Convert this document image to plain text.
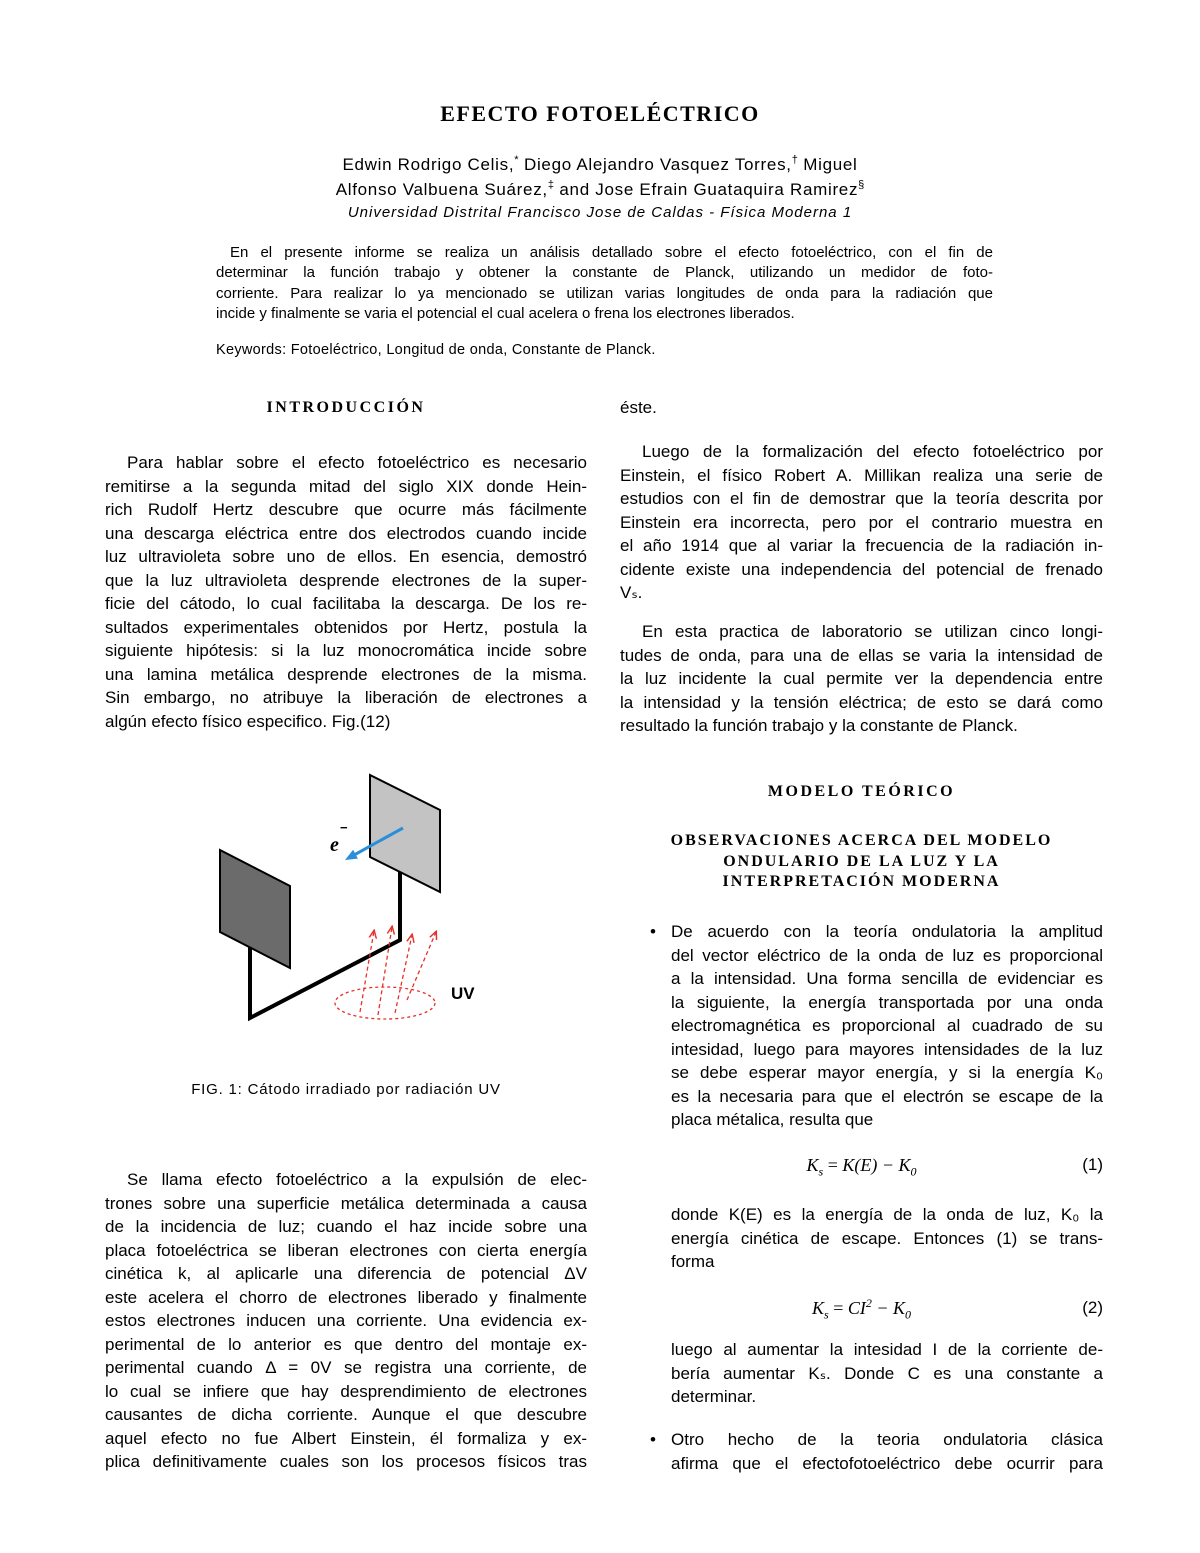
EFECTO FOTOELÉCTRICO
Edwin Rodrigo Celis,* Diego Alejandro Vasquez Torres,† Miguel
Alfonso Valbuena Suárez,‡ and Jose Efrain Guataquira Ramirez§
Universidad Distrital Francisco Jose de Caldas - Física Moderna 1
En el presente informe se realiza un análisis detallado sobre el efecto fotoeléctrico, con el fin de
determinar la función trabajo y obtener la constante de Planck, utilizando un medidor de foto-
corriente. Para realizar lo ya mencionado se utilizan varias longitudes de onda para la radiación que
incide y finalmente se varia el potencial el cual acelera o frena los electrones liberados.
Keywords: Fotoeléctrico, Longitud de onda, Constante de Planck.
INTRODUCCIÓN
Para hablar sobre el efecto fotoeléctrico es necesario
remitirse a la segunda mitad del siglo XIX donde Hein-
rich Rudolf Hertz descubre que ocurre más fácilmente
una descarga eléctrica entre dos electrodos cuando incide
luz ultravioleta sobre uno de ellos. En esencia, demostró
que la luz ultravioleta desprende electrones de la super-
ficie del cátodo, lo cual facilitaba la descarga. De los re-
sultados experimentales obtenidos por Hertz, postula la
siguiente hipótesis: si la luz monocromática incide sobre
una lamina metálica desprende electrones de la misma.
Sin embargo, no atribuye la liberación de electrones a
algún efecto físico especifico. Fig.(12)
e
−
UV
FIG. 1: Cátodo irradiado por radiación UV
Se llama efecto fotoeléctrico a la expulsión de elec-
trones sobre una superficie metálica determinada a causa
de la incidencia de luz; cuando el haz incide sobre una
placa fotoeléctrica se liberan electrones con cierta energía
cinética k, al aplicarle una diferencia de potencial ΔV
este acelera el chorro de electrones liberado y finalmente
estos electrones inducen una corriente. Una evidencia ex-
perimental de lo anterior es que dentro del montaje ex-
perimental cuando Δ = 0V se registra una corriente, de
lo cual se infiere que hay desprendimiento de electrones
causantes de dicha corriente. Aunque el que descubre
aquel efecto no fue Albert Einstein, él formaliza y ex-
plica definitivamente cuales son los procesos físicos tras
éste.
Luego de la formalización del efecto fotoeléctrico por
Einstein, el físico Robert A. Millikan realiza una serie de
estudios con el fin de demostrar que la teoría descrita por
Einstein era incorrecta, pero por el contrario muestra en
el año 1914 que al variar la frecuencia de la radiación in-
cidente existe una independencia del potencial de frenado
Vₛ.
En esta practica de laboratorio se utilizan cinco longi-
tudes de onda, para una de ellas se varia la intensidad de
la luz incidente la cual permite ver la dependencia entre
la intensidad y la tensión eléctrica; de esto se dará como
resultado la función trabajo y la constante de Planck.
MODELO TEÓRICO
OBSERVACIONES ACERCA DEL MODELO
ONDULARIO DE LA LUZ Y LA
INTERPRETACIÓN MODERNA
• De acuerdo con la teoría ondulatoria la amplitud
del vector eléctrico de la onda de luz es proporcional
a la intensidad. Una forma sencilla de evidenciar es
la siguiente, la energía transportada por una onda
electromagnética es proporcional al cuadrado de su
intesidad, luego para mayores intensidades de la luz
se debe esperar mayor energía, y si la energía K₀
es la necesaria para que el electrón se escape de la
placa métalica, resulta que
$K_s = K(E) - K_0$	(1)
donde K(E) es la energía de la onda de luz, K₀ la
energía cinética de escape. Entonces (1) se trans-
forma
$K_s = CI^2 - K_0$	(2)
luego al aumentar la intesidad I de la corriente de-
bería aumentar Kₛ. Donde C es una constante a
determinar.
• Otro hecho de la teoria ondulatoria clásica
afirma que el efectofotoeléctrico debe ocurrir para
